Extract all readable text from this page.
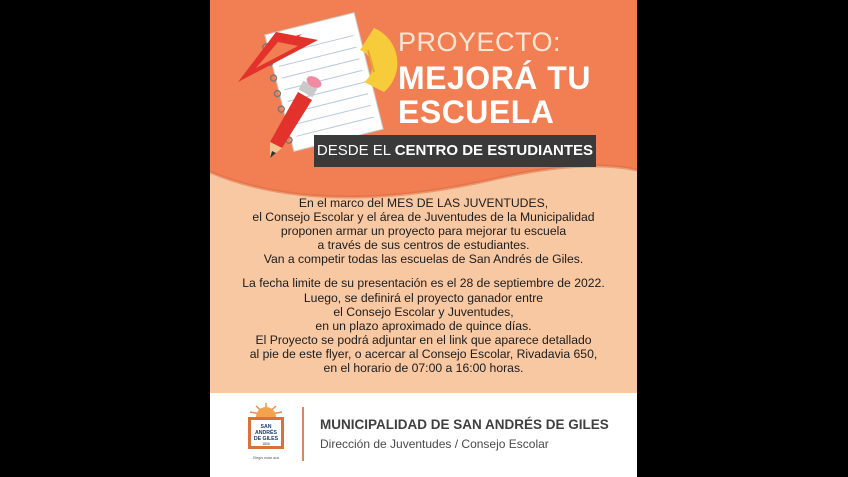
PROYECTO:
MEJORÁ TU
ESCUELA
DESDE EL CENTRO DE ESTUDIANTES
En el marco del MES DE LAS JUVENTUDES,
el Consejo Escolar y el área de Juventudes de la Municipalidad
proponen armar un proyecto para mejorar tu escuela
a través de sus centros de estudiantes.
Van a competir todas las escuelas de San Andrés de Giles.
La fecha limite de su presentación es el 28 de septiembre de 2022.
Luego, se definirá el proyecto ganador entre
el Consejo Escolar y Juventudes,
en un plazo aproximado de quince días.
El Proyecto se podrá adjuntar en el link que aparece detallado
al pie de este flyer, o acercar al Consejo Escolar, Rivadavia 650,
en el horario de 07:00 a 16:00 horas.
SAN
ANDRÉS
DE GILES
1806
Elegís estar acá
MUNICIPALIDAD DE SAN ANDRÉS DE GILES
Dirección de Juventudes / Consejo Escolar
